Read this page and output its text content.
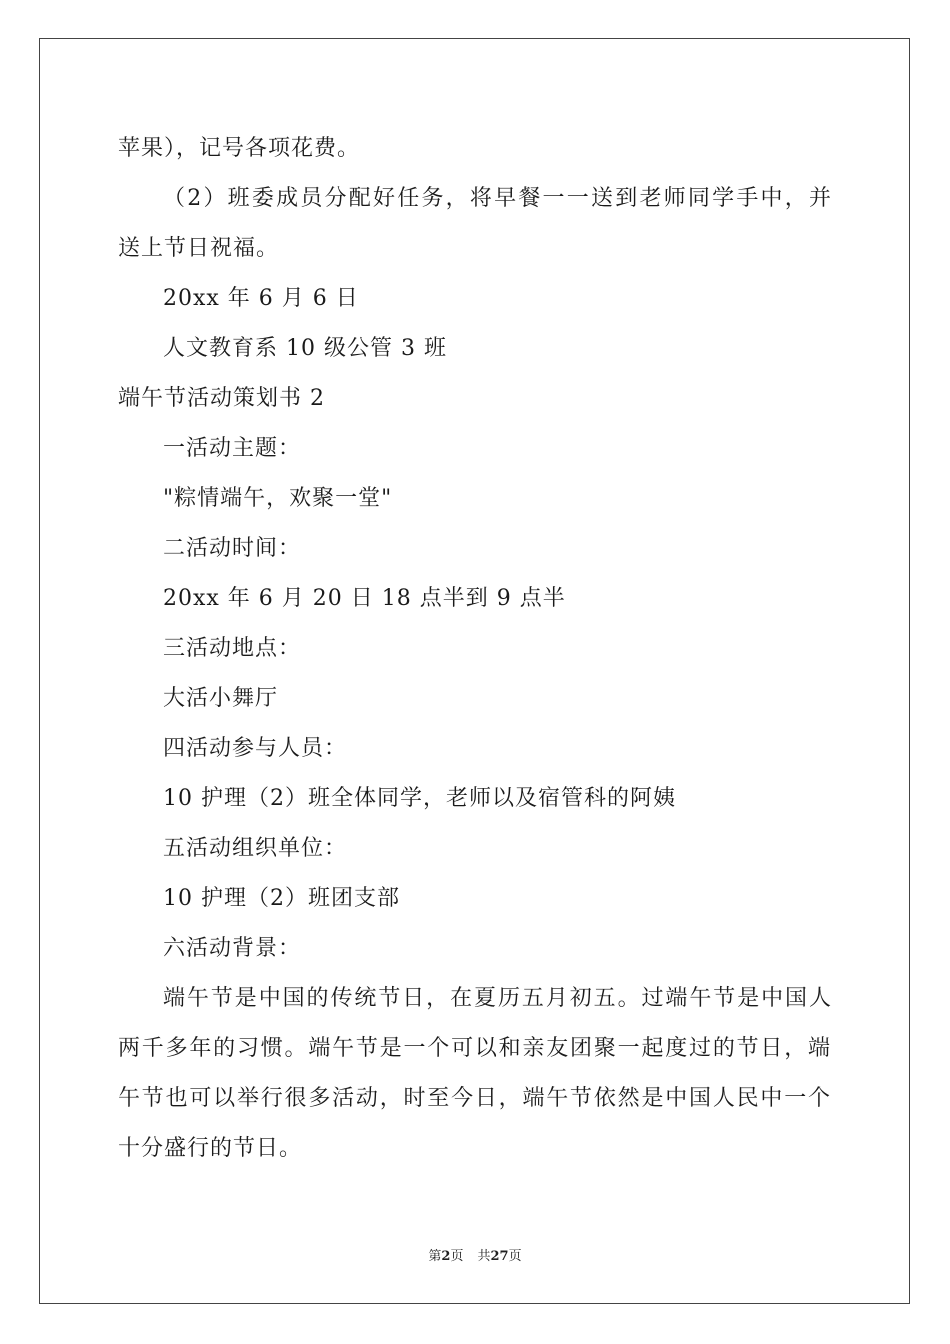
苹果），记号各项花费。
（2）班委成员分配好任务，将早餐一一送到老师同学手中，并
送上节日祝福。
20xx 年 6 月 6 日
人文教育系 10 级公管 3 班
端午节活动策划书 2
一活动主题：
"粽情端午，欢聚一堂"
二活动时间：
20xx 年 6 月 20 日 18 点半到 9 点半
三活动地点：
大活小舞厅
四活动参与人员：
10 护理（2）班全体同学，老师以及宿管科的阿姨
五活动组织单位：
10 护理（2）班团支部
六活动背景：
端午节是中国的传统节日，在夏历五月初五。过端午节是中国人
两千多年的习惯。端午节是一个可以和亲友团聚一起度过的节日，端
午节也可以举行很多活动，时至今日，端午节依然是中国人民中一个
十分盛行的节日。
第2页 共27页
